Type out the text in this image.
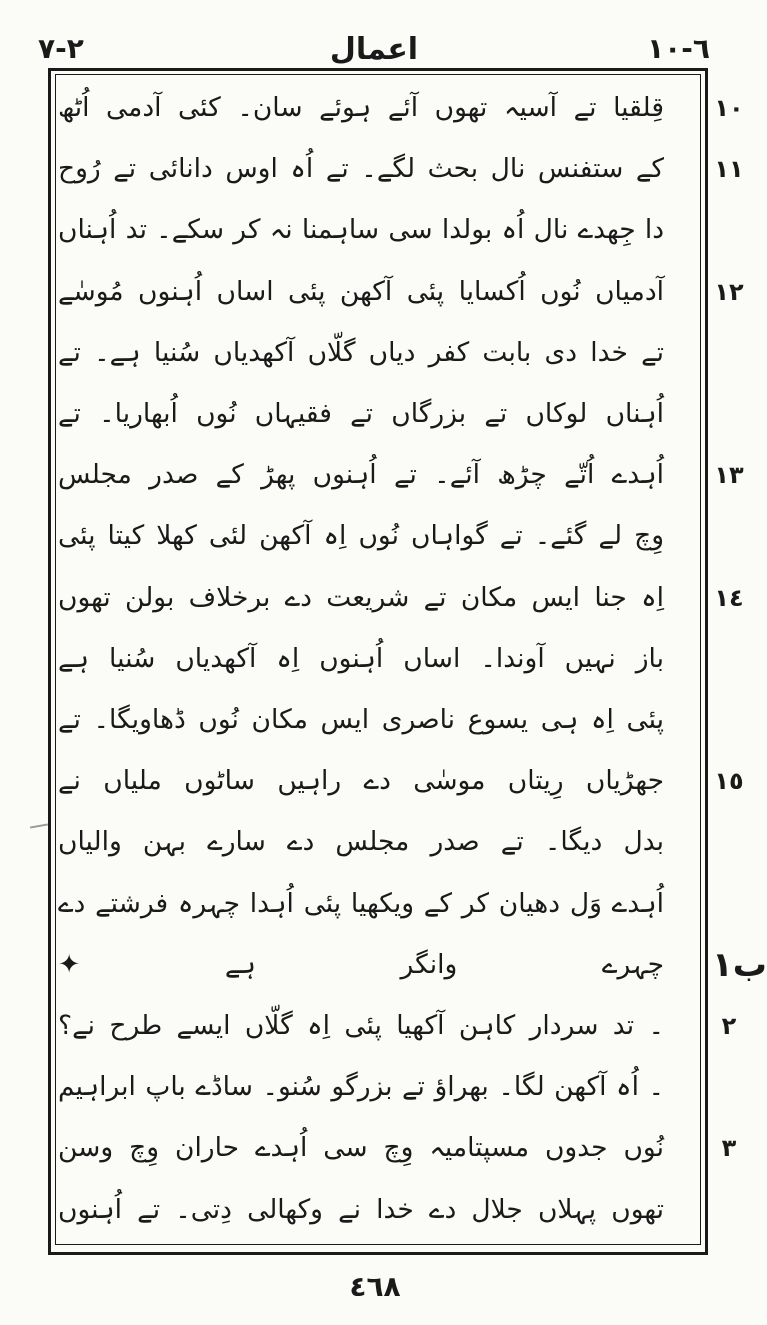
٢-٧	اعمال	٦-١٠
قِلقیا تے آسیہ تھوں آئے ہوئے سان۔ کئی آدمی اُٹھ
کے ستفنس نال بحث لگے۔ تے اُہ اوس دانائی تے رُوح
دا جِھدے نال اُہ بولدا سی ساہمنا نہ کر سکے۔ تد اُہناں
آدمیاں نُوں اُکسایا پئی آکھن پئی اساں اُہنوں مُوسٰے
تے خدا دی بابت کفر دیاں گلّاں آکھدیاں سُنیا ہے۔ تے
اُہناں لوکاں تے بزرگاں تے فقیہاں نُوں اُبھاریا۔ تے
اُہدے اُتّے چڑھ آئے۔ تے اُہنوں پھڑ کے صدر مجلس
وِچ لے گئے۔ تے گواہاں نُوں اِہ آکھن لئی کھلا کیتا پئی
اِہ جنا ایس مکان تے شریعت دے برخلاف بولن تھوں
باز نہیں آوندا۔ اساں اُہنوں اِہ آکھدیاں سُنیا ہے
پئی اِہ ہی یسوع ناصری ایس مکان نُوں ڈھاویگا۔ تے
جھڑیاں رِیتاں موسٰی دے راہیں ساٹوں ملیاں نے
بدل دیگا۔ تے صدر مجلس دے سارے بہن والیاں
اُہدے وَل دھیان کر کے ویکھیا پئی اُہدا چہرہ فرشتے دے
چہرے وانگر ہے ✦
۔ تد سردار کاہن آکھیا پئی اِہ گلّاں ایسے طرح نے؟
۔ اُہ آکھن لگا۔ بھراؤ تے بزرگو سُنو۔ ساڈے باپ ابراہیم
نُوں جدوں مسپتامیہ وِچ سی اُہدے حاران وِچ وسن
تھوں پہلاں جلال دے خدا نے وکھالی دِتی۔ تے اُہنوں
١٠
١١
١٢
١٣
١٤
١٥
ب١
٢
٣
٤٦٨
